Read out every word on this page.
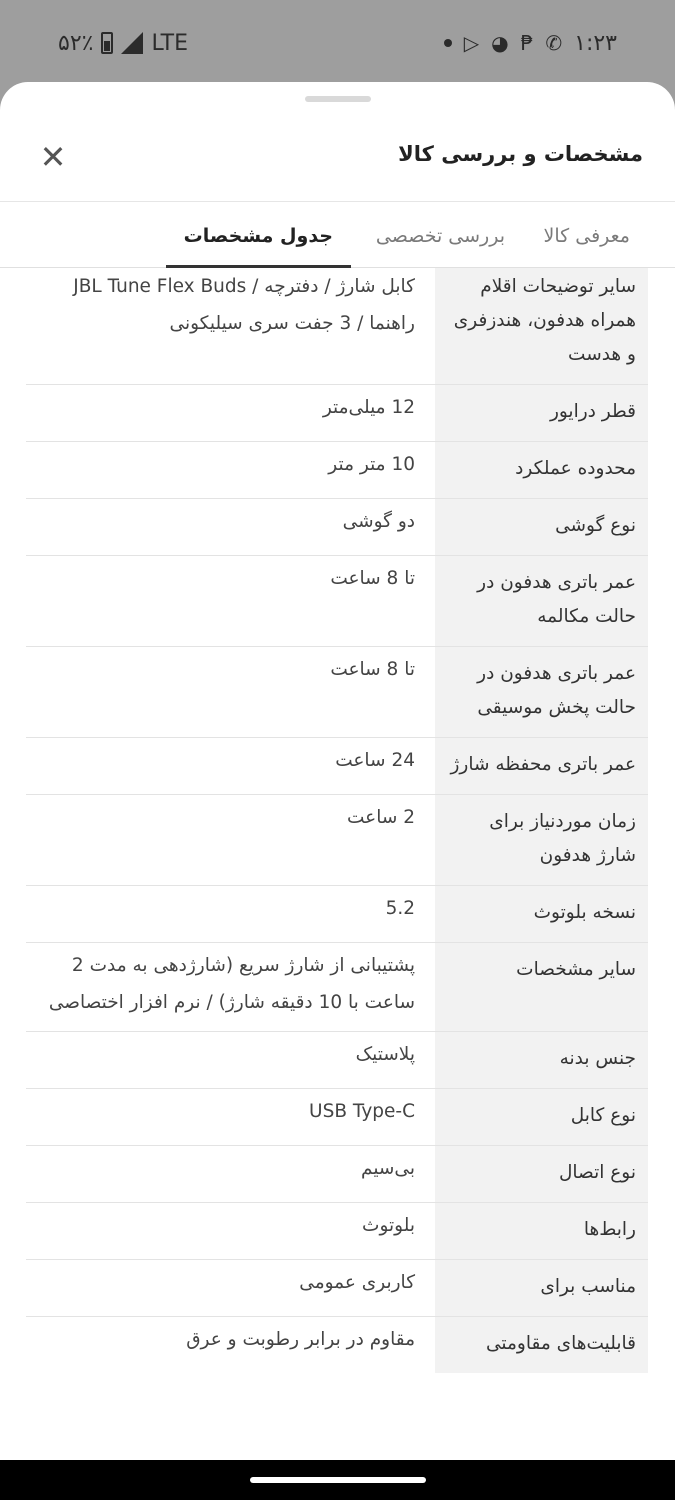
۵۲٪	LTE	▷ ◕ ₱ ✆ ۱:۲۳
مشخصات و بررسی کالا
✕
معرفی کالا
بررسی تخصصی
جدول مشخصات
سایر توضیحات اقلام همراه هدفون، هندزفری و هدست
کابل شارژ / دفترچه / JBL Tune Flex Buds راهنما / 3 جفت سری سیلیکونی
قطر درایور
12 میلی‌متر
محدوده عملکرد
10 متر متر
نوع گوشی
دو گوشی
عمر باتری هدفون در حالت مکالمه
تا 8 ساعت
عمر باتری هدفون در حالت پخش موسیقی
تا 8 ساعت
عمر باتری محفظه شارژ
24 ساعت
زمان موردنیاز برای شارژ هدفون
2 ساعت
نسخه بلوتوث
5.2
سایر مشخصات
پشتیبانی از شارژ سریع (شارژدهی به مدت 2 ساعت با 10 دقیقه شارژ) / نرم افزار اختصاصی
جنس بدنه
پلاستیک
نوع کابل
USB Type-C
نوع اتصال
بی‌سیم
رابط‌ها
بلوتوث
مناسب برای
کاربری عمومی
قابلیت‌های مقاومتی
مقاوم در برابر رطوبت و عرق
